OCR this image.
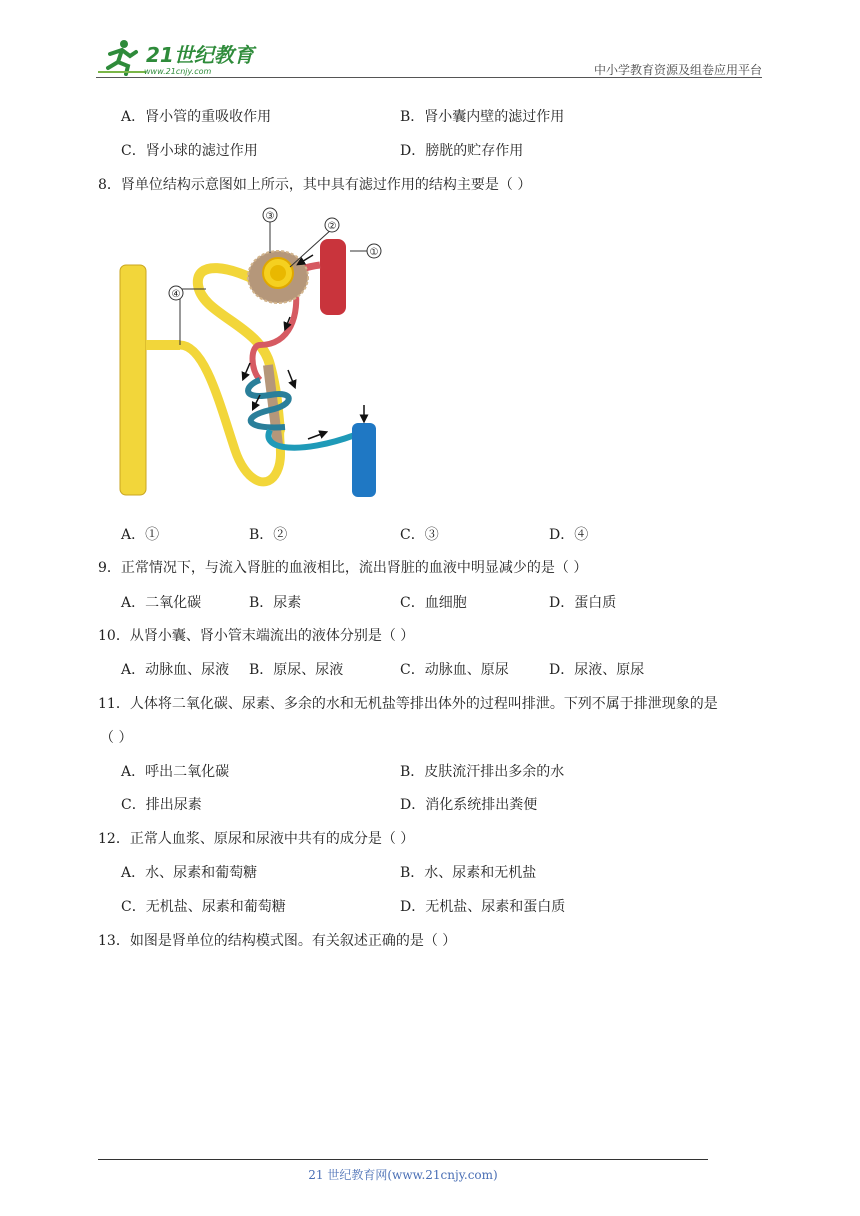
21世纪教育
www.21cnjy.com	中小学教育资源及组卷应用平台
A．肾小管的重吸收作用	B．肾小囊内壁的滤过作用
C．肾小球的滤过作用	D．膀胱的贮存作用
8．肾单位结构示意图如上所示，其中具有滤过作用的结构主要是（ ）
③
②
①
④
A．①	B．②	C．③	D．④
9．正常情况下，与流入肾脏的血液相比，流出肾脏的血液中明显减少的是（ ）
A．二氧化碳	B．尿素	C．血细胞	D．蛋白质
10．从肾小囊、肾小管末端流出的液体分别是（ ）
A．动脉血、尿液 B．原尿、尿液	C．动脉血、原尿	D．尿液、原尿
11．人体将二氧化碳、尿素、多余的水和无机盐等排出体外的过程叫排泄。下列不属于排泄现象的是
（ ）
A．呼出二氧化碳	B．皮肤流汗排出多余的水
C．排出尿素	D．消化系统排出粪便
12．正常人血浆、原尿和尿液中共有的成分是（ ）
A．水、尿素和葡萄糖	B．水、尿素和无机盐
C．无机盐、尿素和葡萄糖	D．无机盐、尿素和蛋白质
13．如图是肾单位的结构模式图。有关叙述正确的是（ ）
21 世纪教育网(www.21cnjy.com)
